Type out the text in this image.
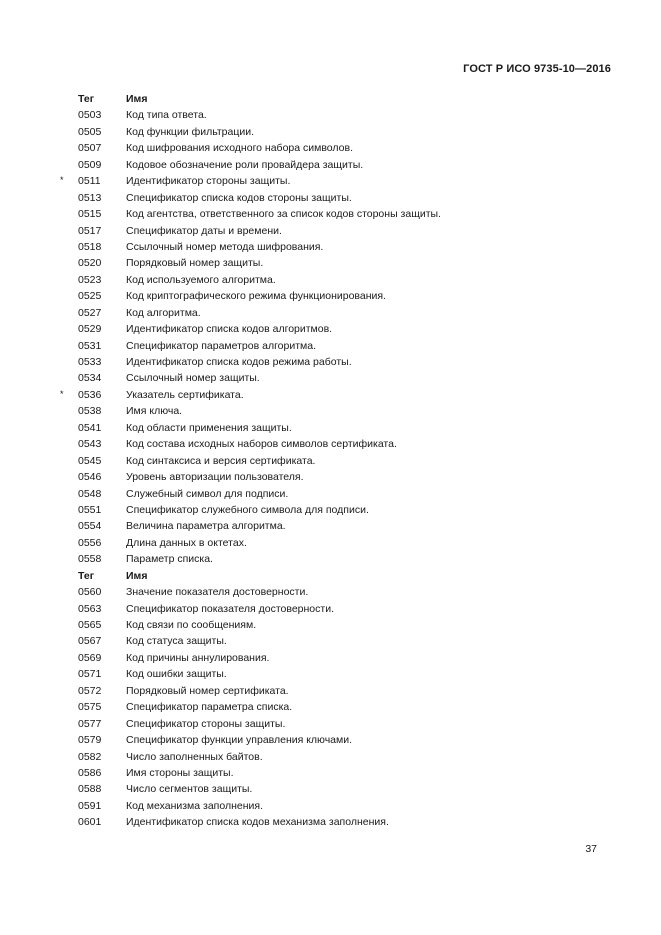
ГОСТ Р ИСО 9735-10—2016
Тег	Имя
0503 Код типа ответа.
0505 Код функции фильтрации.
0507 Код шифрования исходного набора символов.
0509 Кодовое обозначение роли провайдера защиты.
*	0511 Идентификатор стороны защиты.
0513 Спецификатор списка кодов стороны защиты.
0515 Код агентства, ответственного за список кодов стороны защиты.
0517 Спецификатор даты и времени.
0518 Ссылочный номер метода шифрования.
0520 Порядковый номер защиты.
0523 Код используемого алгоритма.
0525 Код криптографического режима функционирования.
0527 Код алгоритма.
0529 Идентификатор списка кодов алгоритмов.
0531 Спецификатор параметров алгоритма.
0533 Идентификатор списка кодов режима работы.
0534 Ссылочный номер защиты.
*	0536 Указатель сертификата.
0538 Имя ключа.
0541 Код области применения защиты.
0543 Код состава исходных наборов символов сертификата.
0545 Код синтаксиса и версия сертификата.
0546 Уровень авторизации пользователя.
0548 Служебный символ для подписи.
0551 Спецификатор служебного символа для подписи.
0554 Величина параметра алгоритма.
0556 Длина данных в октетах.
0558 Параметр списка.
Тег	Имя
0560 Значение показателя достоверности.
0563 Спецификатор показателя достоверности.
0565 Код связи по сообщениям.
0567 Код статуса защиты.
0569 Код причины аннулирования.
0571 Код ошибки защиты.
0572 Порядковый номер сертификата.
0575 Спецификатор параметра списка.
0577 Спецификатор стороны защиты.
0579 Спецификатор функции управления ключами.
0582 Число заполненных байтов.
0586 Имя стороны защиты.
0588 Число сегментов защиты.
0591 Код механизма заполнения.
0601 Идентификатор списка кодов механизма заполнения.
37
